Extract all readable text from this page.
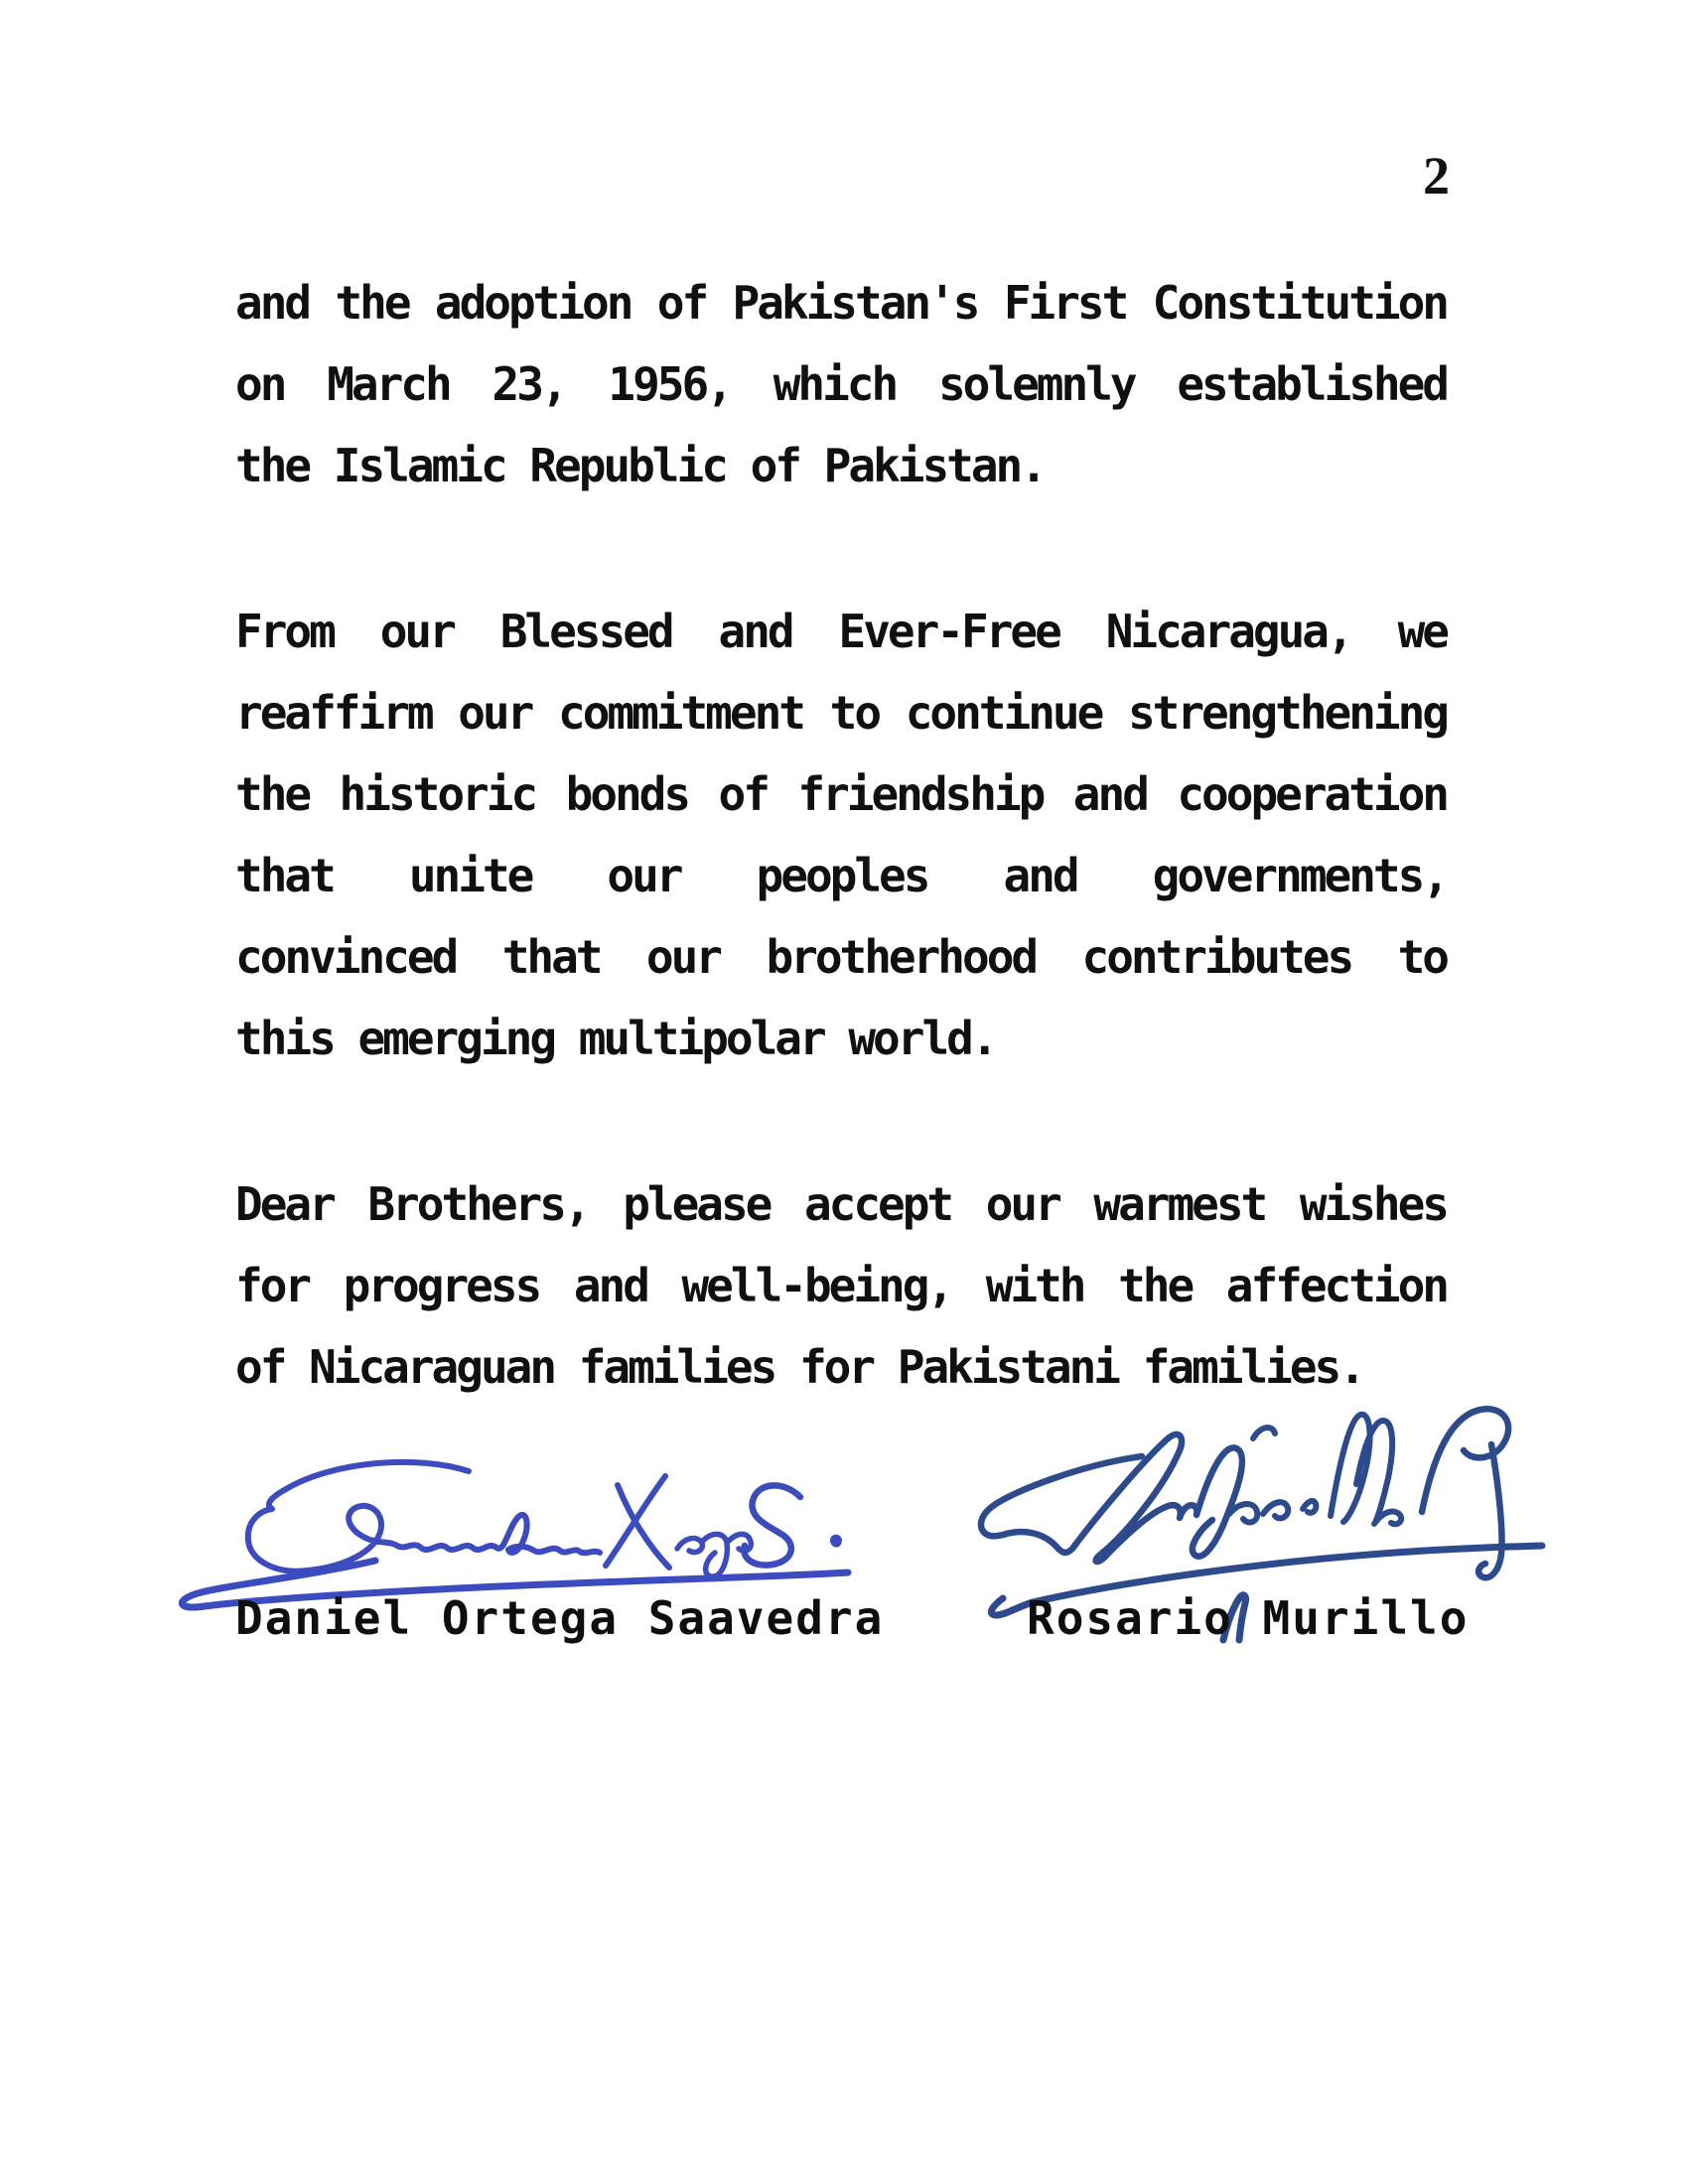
2
and the adoption of Pakistan's First Constitution
on March 23, 1956, which solemnly established
the Islamic Republic of Pakistan.
From our Blessed and Ever-Free Nicaragua, we
reaffirm our commitment to continue strengthening
the historic bonds of friendship and cooperation
that unite our peoples and governments,
convinced that our brotherhood contributes to
this emerging multipolar world.
Dear Brothers, please accept our warmest wishes
for progress and well-being, with the affection
of Nicaraguan families for Pakistani families.
Daniel Ortega Saavedra	Rosario Murillo
